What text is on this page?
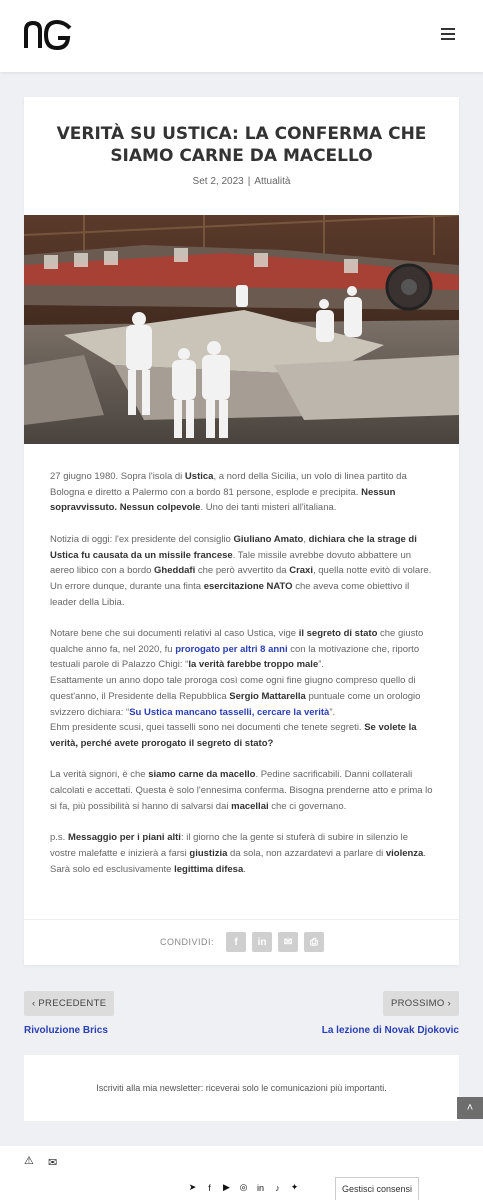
VERITÀ SU USTICA: LA CONFERMA CHE SIAMO CARNE DA MACELLO
Set 2, 2023 | Attualità

27 giugno 1980. Sopra l'isola di Ustica, a nord della Sicilia, un volo di linea partito da Bologna e diretto a Palermo con a bordo 81 persone, esplode e precipita. Nessun sopravvissuto. Nessun colpevole. Uno dei tanti misteri all'italiana.

Notizia di oggi: l'ex presidente del consiglio Giuliano Amato, dichiara che la strage di Ustica fu causata da un missile francese. Tale missile avrebbe dovuto abbattere un aereo libico con a bordo Gheddafi che però avvertito da Craxi, quella notte evitò di volare. Un errore dunque, durante una finta esercitazione NATO che aveva come obiettivo il leader della Libia.

Notare bene che sui documenti relativi al caso Ustica, vige il segreto di stato che giusto qualche anno fa, nel 2020, fu prorogato per altri 8 anni con la motivazione che, riporto testuali parole di Palazzo Chigi: “la verità farebbe troppo male”.
Esattamente un anno dopo tale proroga così come ogni fine giugno compreso quello di quest'anno, il Presidente della Repubblica Sergio Mattarella puntuale come un orologio svizzero dichiara: “Su Ustica mancano tasselli, cercare la verità”.
Ehm presidente scusi, quei tasselli sono nei documenti che tenete segreti. Se volete la verità, perché avete prorogato il segreto di stato?

La verità signori, è che siamo carne da macello. Pedine sacrificabili. Danni collaterali calcolati e accettati. Questa è solo l'ennesima conferma. Bisogna prenderne atto e prima lo si fa, più possibilità si hanno di salvarsi dai macellai che ci governano.

p.s. Messaggio per i piani alti: il giorno che la gente si stuferà di subire in silenzio le vostre malefatte e inizierà a farsi giustizia da sola, non azzardatevi a parlare di violenza. Sarà solo ed esclusivamente legittima difesa.

CONDIVIDI:	f	in	✉	⎙
‹ PRECEDENTE	PROSSIMO ›
Rivoluzione Brics	La lezione di Novak Djokovic
Iscriviti alla mia newsletter: riceverai solo le comunicazioni più importanti.
˄
⚠ ✉
➤	f	▶	◎	in	♪	✦	Gestisci consensi
